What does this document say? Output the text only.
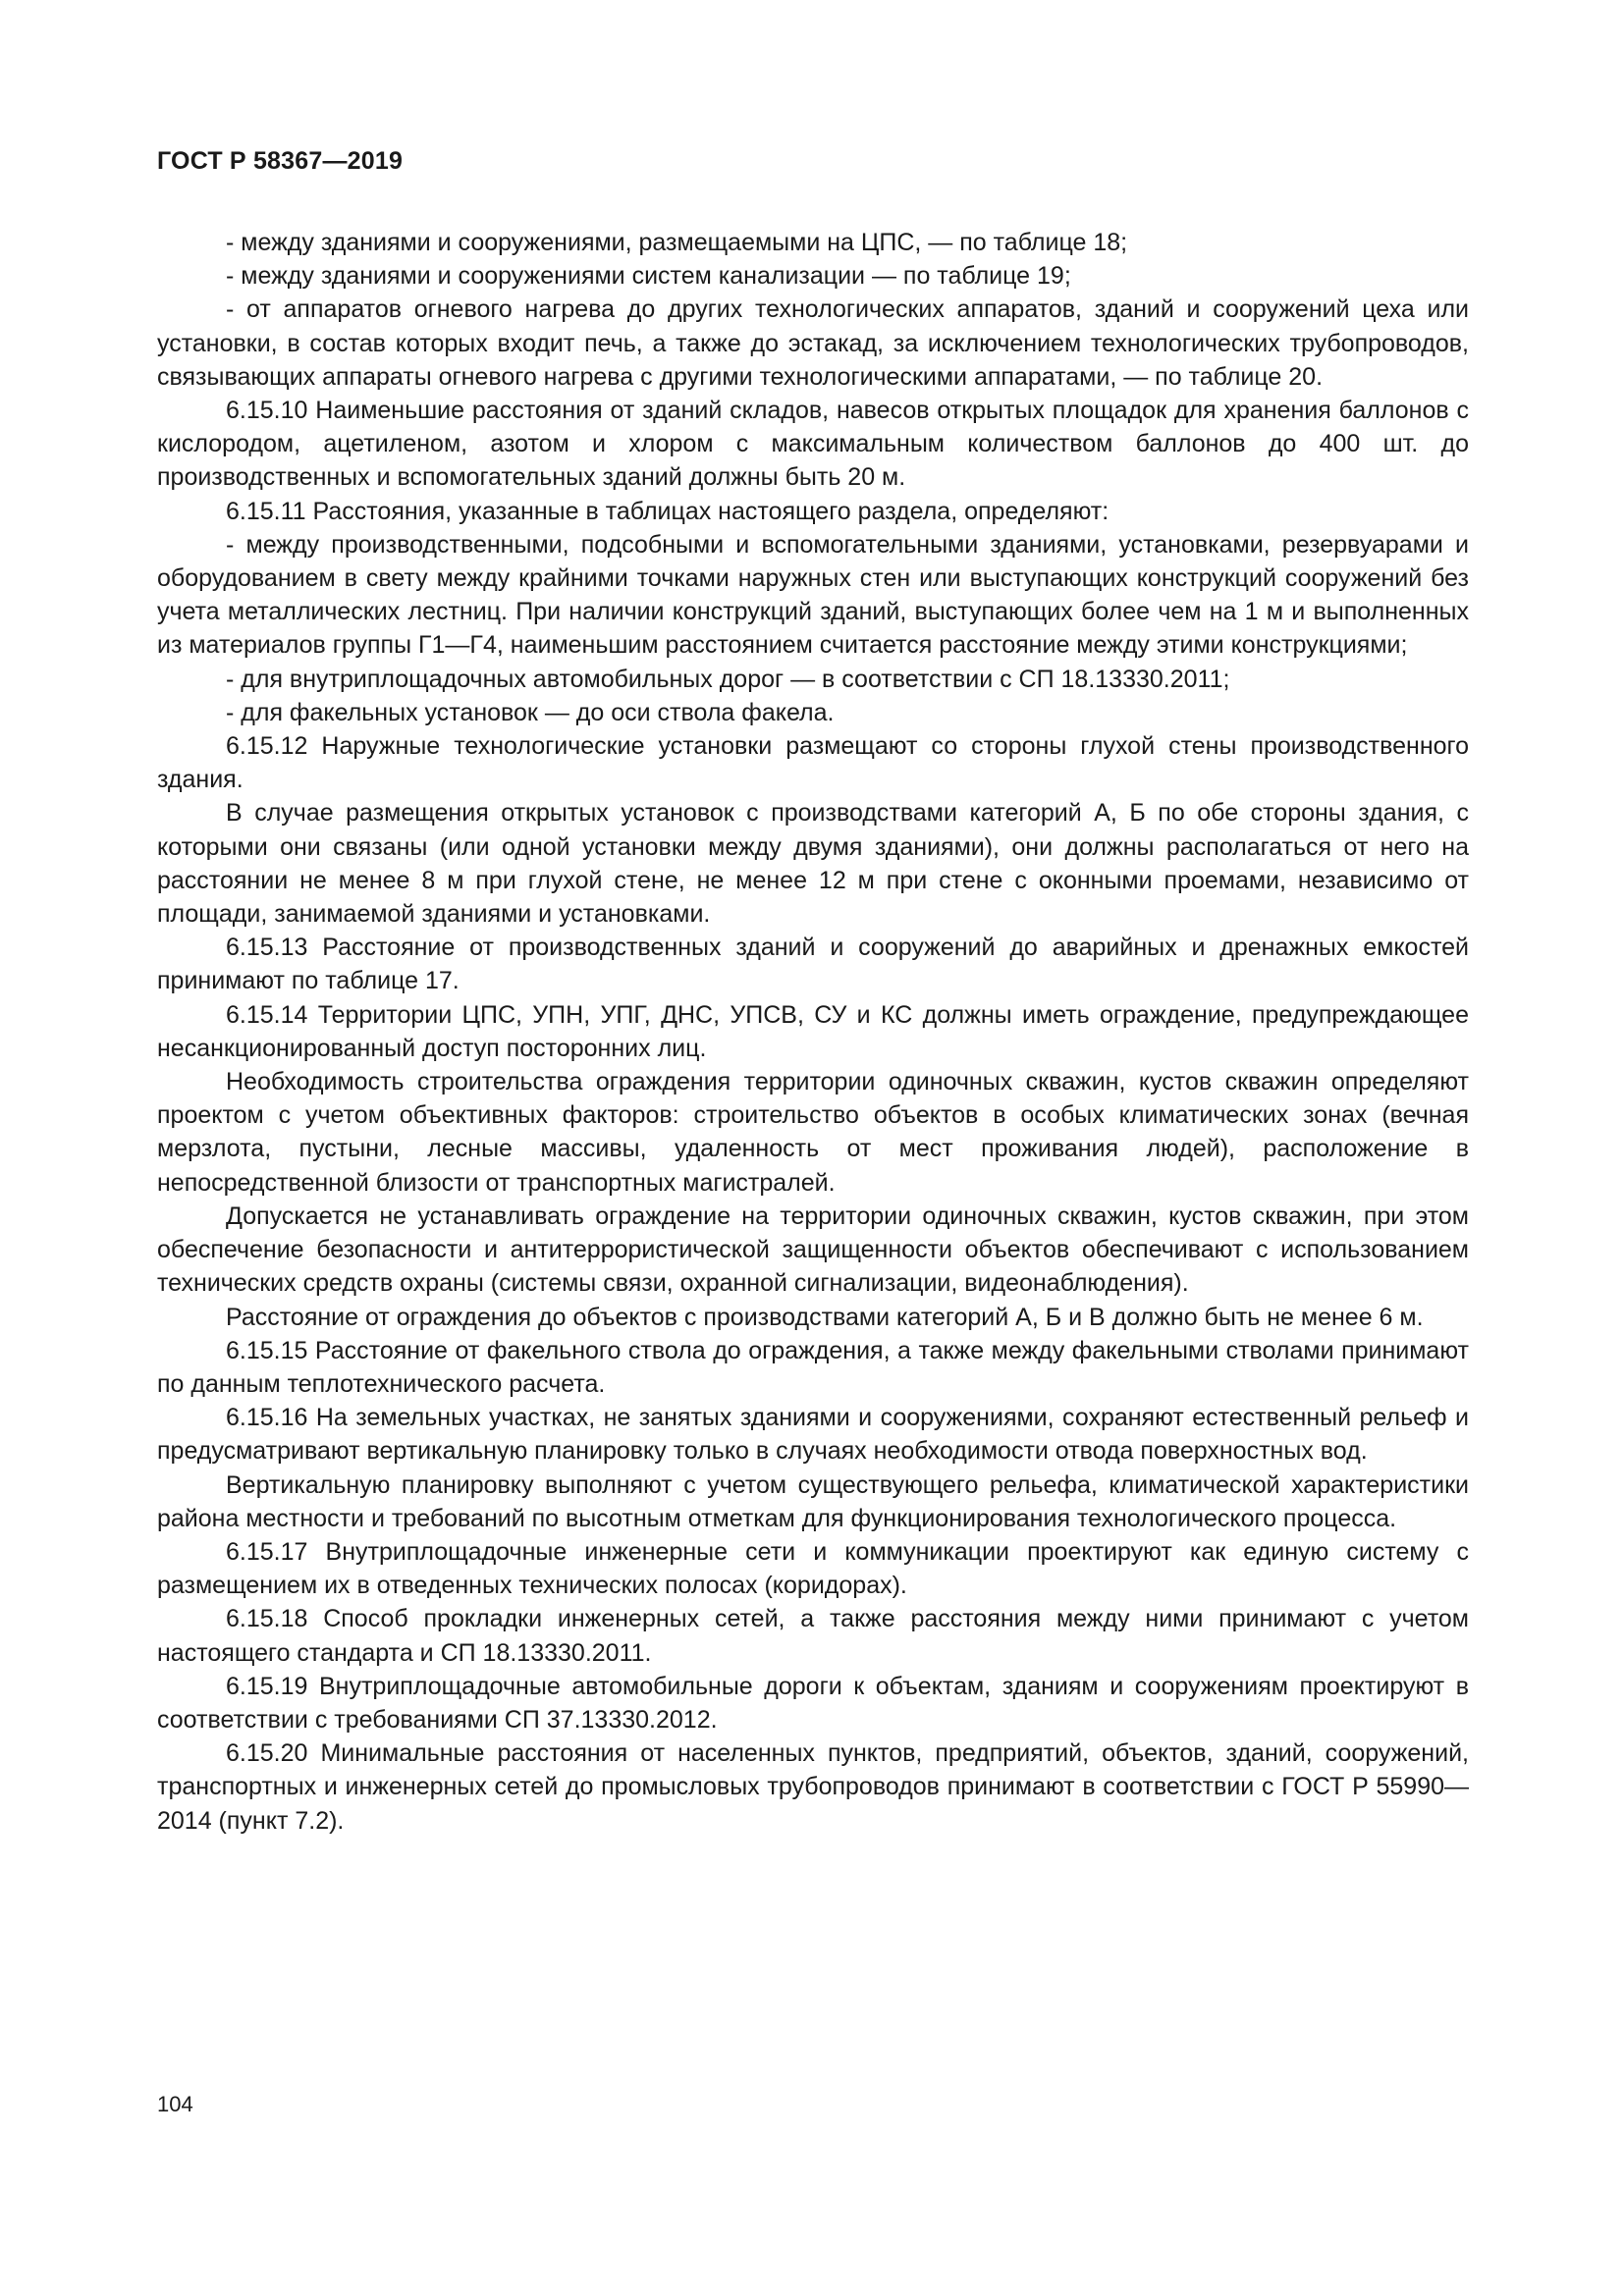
ГОСТ Р 58367—2019

- между зданиями и сооружениями, размещаемыми на ЦПС, — по таблице 18;

- между зданиями и сооружениями систем канализации — по таблице 19;

- от аппаратов огневого нагрева до других технологических аппаратов, зданий и сооружений цеха или установки, в состав которых входит печь, а также до эстакад, за исключением технологических трубопроводов, связывающих аппараты огневого нагрева с другими технологическими аппаратами, — по таблице 20.

6.15.10 Наименьшие расстояния от зданий складов, навесов открытых площадок для хранения баллонов с кислородом, ацетиленом, азотом и хлором с максимальным количеством баллонов до 400 шт. до производственных и вспомогательных зданий должны быть 20 м.

6.15.11 Расстояния, указанные в таблицах настоящего раздела, определяют:

- между производственными, подсобными и вспомогательными зданиями, установками, резервуарами и оборудованием в свету между крайними точками наружных стен или выступающих конструкций сооружений без учета металлических лестниц. При наличии конструкций зданий, выступающих более чем на 1 м и выполненных из материалов группы Г1—Г4, наименьшим расстоянием считается расстояние между этими конструкциями;

- для внутриплощадочных автомобильных дорог — в соответствии с СП 18.13330.2011;

- для факельных установок — до оси ствола факела.

6.15.12 Наружные технологические установки размещают со стороны глухой стены производственного здания.

В случае размещения открытых установок с производствами категорий А, Б по обе стороны здания, с которыми они связаны (или одной установки между двумя зданиями), они должны располагаться от него на расстоянии не менее 8 м при глухой стене, не менее 12 м при стене с оконными проемами, независимо от площади, занимаемой зданиями и установками.

6.15.13 Расстояние от производственных зданий и сооружений до аварийных и дренажных емкостей принимают по таблице 17.

6.15.14 Территории ЦПС, УПН, УПГ, ДНС, УПСВ, СУ и КС должны иметь ограждение, предупреждающее несанкционированный доступ посторонних лиц.

Необходимость строительства ограждения территории одиночных скважин, кустов скважин определяют проектом с учетом объективных факторов: строительство объектов в особых климатических зонах (вечная мерзлота, пустыни, лесные массивы, удаленность от мест проживания людей), расположение в непосредственной близости от транспортных магистралей.

Допускается не устанавливать ограждение на территории одиночных скважин, кустов скважин, при этом обеспечение безопасности и антитеррористической защищенности объектов обеспечивают с использованием технических средств охраны (системы связи, охранной сигнализации, видеонаблюдения).

Расстояние от ограждения до объектов с производствами категорий А, Б и В должно быть не менее 6 м.

6.15.15 Расстояние от факельного ствола до ограждения, а также между факельными стволами принимают по данным теплотехнического расчета.

6.15.16 На земельных участках, не занятых зданиями и сооружениями, сохраняют естественный рельеф и предусматривают вертикальную планировку только в случаях необходимости отвода поверхностных вод.

Вертикальную планировку выполняют с учетом существующего рельефа, климатической характеристики района местности и требований по высотным отметкам для функционирования технологического процесса.

6.15.17 Внутриплощадочные инженерные сети и коммуникации проектируют как единую систему с размещением их в отведенных технических полосах (коридорах).

6.15.18 Способ прокладки инженерных сетей, а также расстояния между ними принимают с учетом настоящего стандарта и СП 18.13330.2011.

6.15.19 Внутриплощадочные автомобильные дороги к объектам, зданиям и сооружениям проектируют в соответствии с требованиями СП 37.13330.2012.

6.15.20 Минимальные расстояния от населенных пунктов, предприятий, объектов, зданий, сооружений, транспортных и инженерных сетей до промысловых трубопроводов принимают в соответствии с ГОСТ Р 55990—2014 (пункт 7.2).

104
